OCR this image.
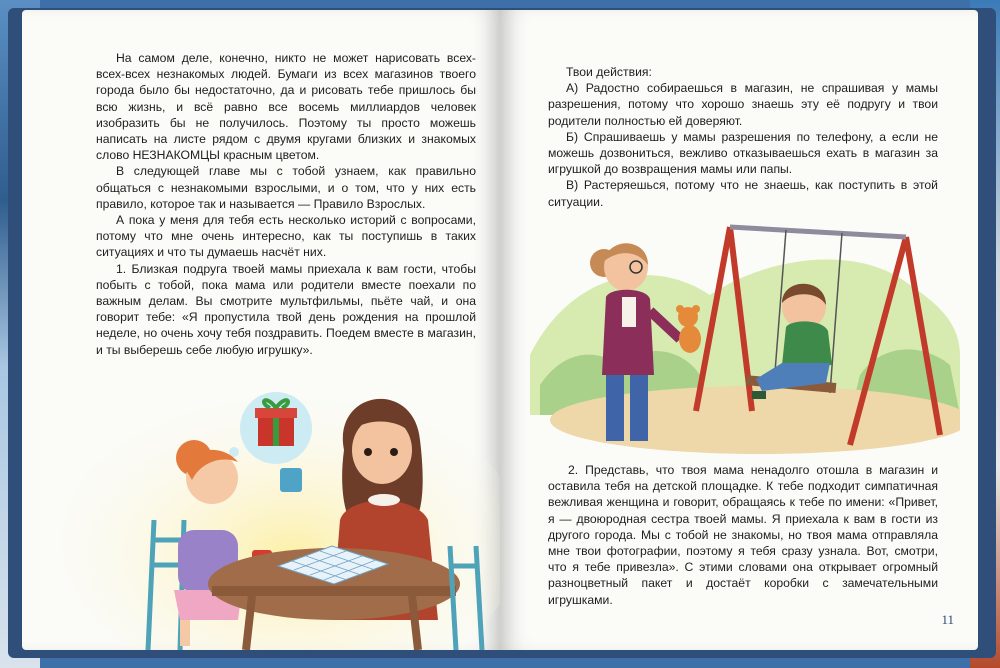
На самом деле, конечно, никто не может нарисовать всех-всех-всех незнакомых людей. Бумаги из всех магазинов твоего города было бы недостаточно, да и рисовать тебе пришлось бы всю жизнь, и всё равно все восемь миллиардов человек изобразить бы не получилось. Поэтому ты просто можешь написать на листе рядом с двумя кругами близких и знакомых слово НЕЗНАКОМЦЫ красным цветом.

В следующей главе мы с тобой узнаем, как правильно общаться с незнакомыми взрослыми, и о том, что у них есть правило, которое так и называется — Правило Взрослых.

А пока у меня для тебя есть несколько историй с вопросами, потому что мне очень интересно, как ты поступишь в таких ситуациях и что ты думаешь насчёт них.

1. Близкая подруга твоей мамы приехала к вам гости, чтобы побыть с тобой, пока мама или родители вместе поехали по важным делам. Вы смотрите мультфильмы, пьёте чай, и она говорит тебе: «Я пропустила твой день рождения на прошлой неделе, но очень хочу тебя поздравить. Поедем вместе в магазин, и ты выберешь себе любую игрушку».

Твои действия:

А) Радостно собираешься в магазин, не спрашивая у мамы разрешения, потому что хорошо знаешь эту её подругу и твои родители полностью ей доверяют.

Б) Спрашиваешь у мамы разрешения по телефону, а если не можешь дозвониться, вежливо отказываешься ехать в магазин за игрушкой до возвращения мамы или папы.

В) Растеряешься, потому что не знаешь, как поступить в этой ситуации.

2. Представь, что твоя мама ненадолго отошла в магазин и оставила тебя на детской площадке. К тебе подходит симпатичная вежливая женщина и говорит, обращаясь к тебе по имени: «Привет, я — двоюродная сестра твоей мамы. Я приехала к вам в гости из другого города. Мы с тобой не знакомы, но твоя мама отправляла мне твои фотографии, поэтому я тебя сразу узнала. Вот, смотри, что я тебе привезла». С этими словами она открывает огромный разноцветный пакет и достаёт коробки с замечательными игрушками.

11
